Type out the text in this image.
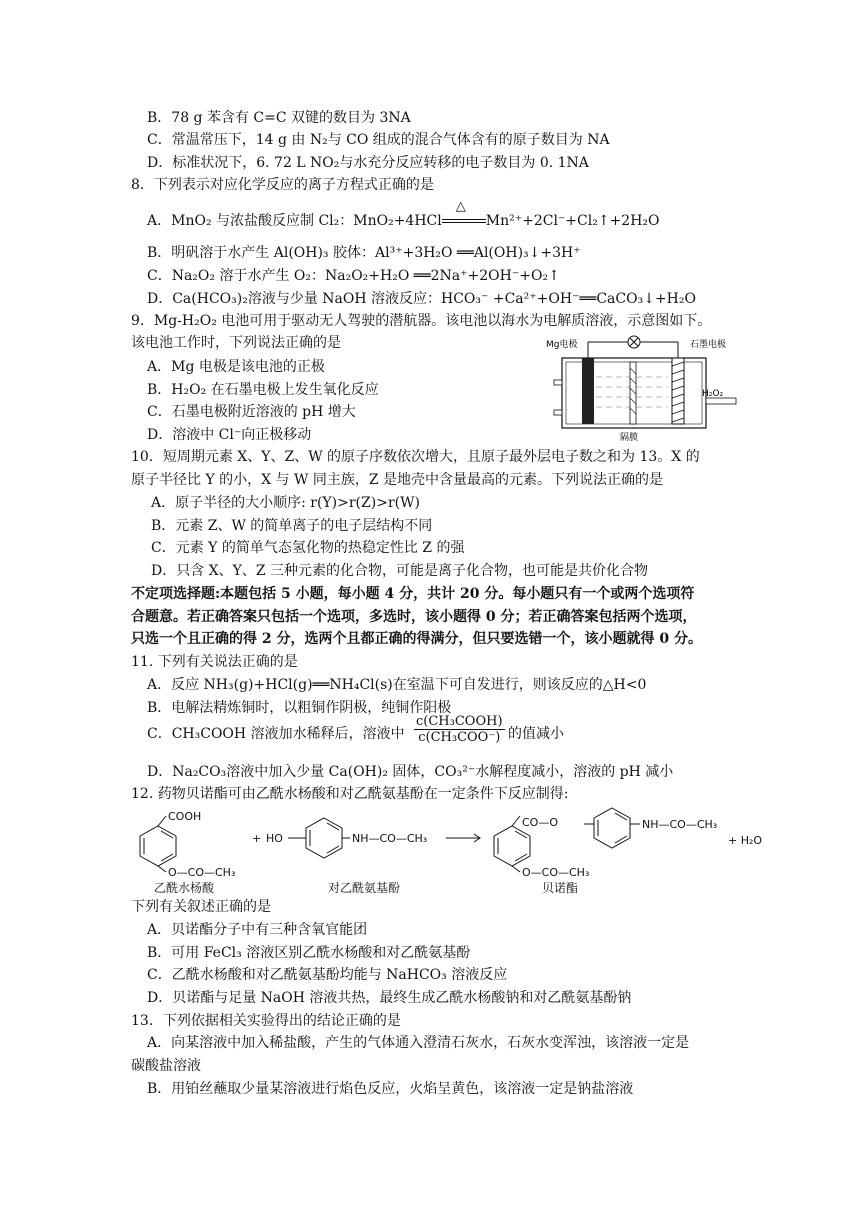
B．78 g 苯含有 C=C 双键的数目为 3NA
C．常温常压下，14 g 由 N₂与 CO 组成的混合气体含有的原子数目为 NA
D．标准状况下，6. 72 L NO₂与水充分反应转移的电子数目为 0. 1NA
8．下列表示对应化学反应的离子方程式正确的是
A．MnO₂ 与浓盐酸反应制 Cl₂：MnO₂+4HCl
△
Mn²⁺+2Cl⁻+Cl₂↑+2H₂O
B．明矾溶于水产生 Al(OH)₃ 胶体：Al³⁺+3H₂O ══Al(OH)₃↓+3H⁺
C．Na₂O₂ 溶于水产生 O₂：Na₂O₂+H₂O ══2Na⁺+2OH⁻+O₂↑
D．Ca(HCO₃)₂溶液与少量 NaOH 溶液反应：HCO₃⁻ +Ca²⁺+OH⁻══CaCO₃↓+H₂O
9．Mg-H₂O₂ 电池可用于驱动无人驾驶的潜航器。该电池以海水为电解质溶液，示意图如下。
该电池工作时，下列说法正确的是
A．Mg 电极是该电池的正极
B．H₂O₂ 在石墨电极上发生氧化反应
C．石墨电极附近溶液的 pH 增大
D．溶液中 Cl⁻向正极移动
Mg电极	石墨电极
H₂O₂
隔膜
10．短周期元素 X、Y、Z、W 的原子序数依次增大，且原子最外层电子数之和为 13。X 的
原子半径比 Y 的小，X 与 W 同主族，Z 是地壳中含量最高的元素。下列说法正确的是
A．原子半径的大小顺序: r(Y)>r(Z)>r(W)
B．元素 Z、W 的简单离子的电子层结构不同
C．元素 Y 的简单气态氢化物的热稳定性比 Z 的强
D．只含 X、Y、Z 三种元素的化合物，可能是离子化合物，也可能是共价化合物
不定项选择题:本题包括 5 小题，每小题 4 分，共计 20 分。每小题只有一个或两个选项符
合题意。若正确答案只包括一个选项，多选时，该小题得 0 分；若正确答案包括两个选项，
只选一个且正确的得 2 分，选两个且都正确的得满分，但只要选错一个，该小题就得 0 分。
11. 下列有关说法正确的是
A．反应 NH₃(g)+HCl(g)══NH₄Cl(s)在室温下可自发进行，则该反应的△H<0
B．电解法精炼铜时，以粗铜作阴极，纯铜作阳极
C．CH₃COOH 溶液加水稀释后，溶液中
c(CH₃COOH)
c(CH₃COO⁻) 的值减小
D．Na₂CO₃溶液中加入少量 Ca(OH)₂ 固体，CO₃²⁻水解程度减小，溶液的 pH 减小
12. 药物贝诺酯可由乙酰水杨酸和对乙酰氨基酚在一定条件下反应制得:
COOH
O—CO—CH₃
+ HO	NH—CO—CH₃
CO—O
O—CO—CH₃
NH—CO—CH₃
+ H₂O
乙酰水杨酸	对乙酰氨基酚	贝诺酯
下列有关叙述正确的是
A．贝诺酯分子中有三种含氧官能团
B．可用 FeCl₃ 溶液区别乙酰水杨酸和对乙酰氨基酚
C．乙酰水杨酸和对乙酰氨基酚均能与 NaHCO₃ 溶液反应
D．贝诺酯与足量 NaOH 溶液共热，最终生成乙酰水杨酸钠和对乙酰氨基酚钠
13．下列依据相关实验得出的结论正确的是
A．向某溶液中加入稀盐酸，产生的气体通入澄清石灰水，石灰水变浑浊，该溶液一定是
碳酸盐溶液
B．用铂丝蘸取少量某溶液进行焰色反应，火焰呈黄色，该溶液一定是钠盐溶液
